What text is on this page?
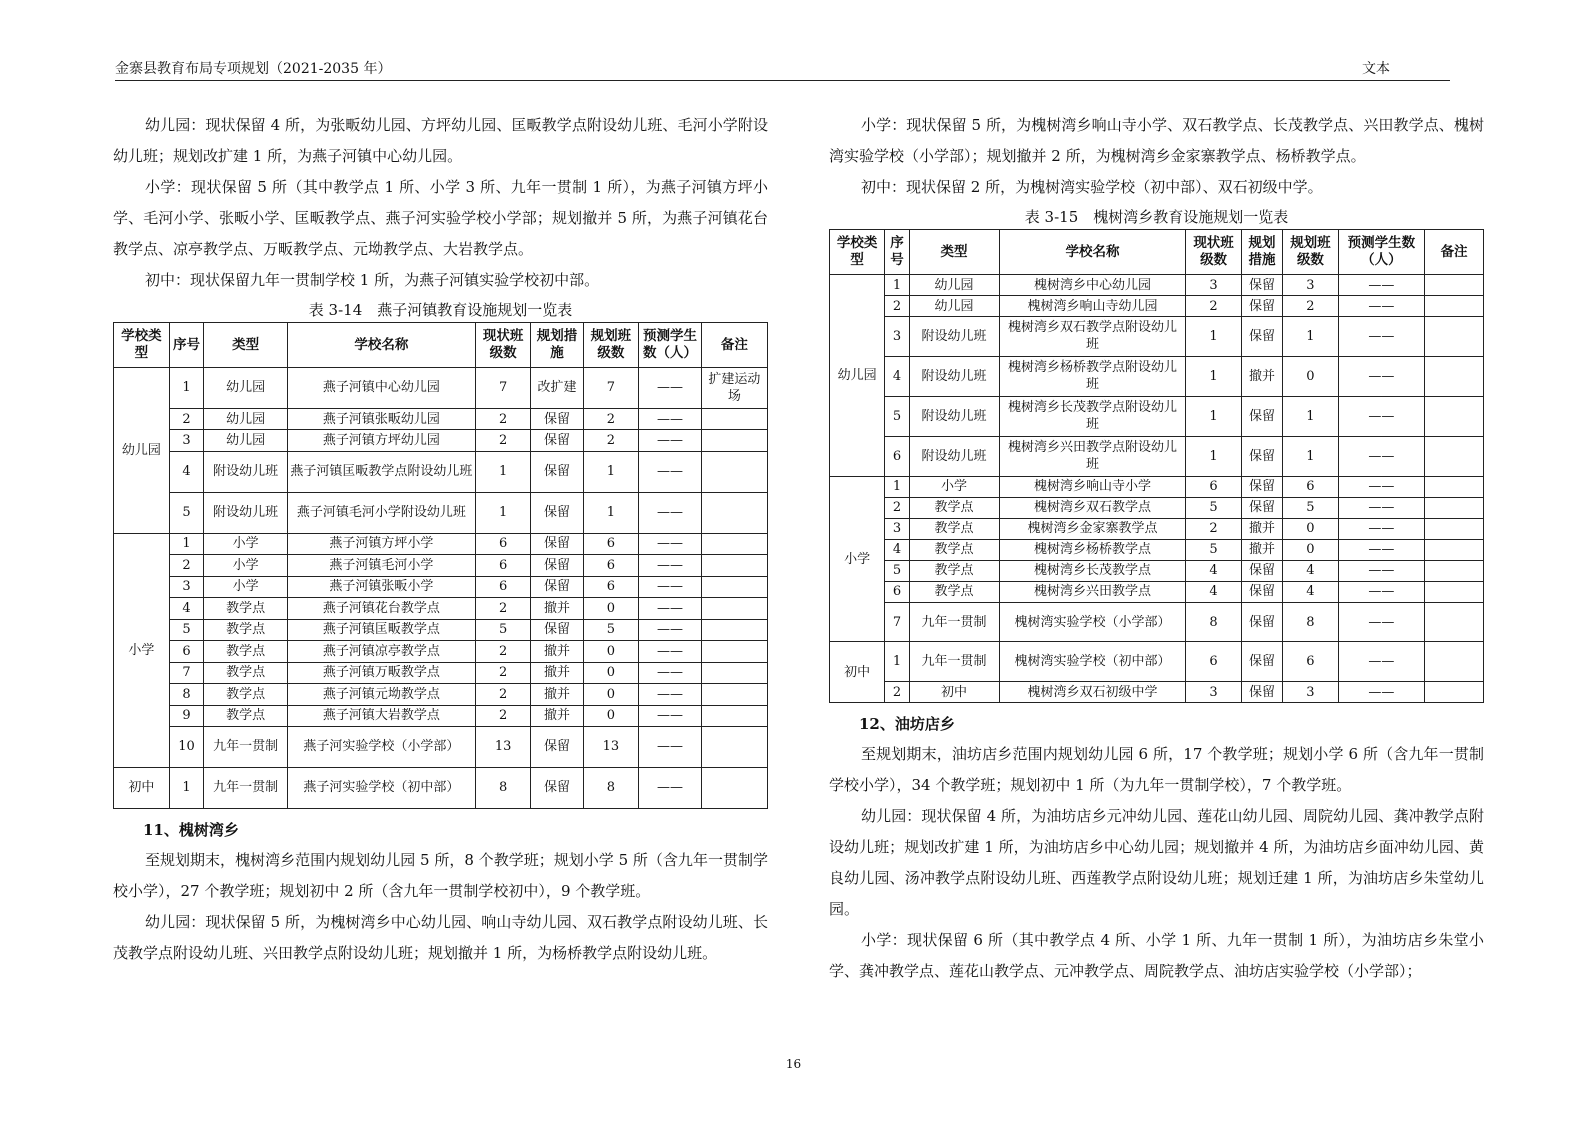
金寨县教育布局专项规划（2021-2035 年）	文本

幼儿园：现状保留 4 所，为张畈幼儿园、方坪幼儿园、匡畈教学点附设幼儿班、毛河小学附设幼儿班；规划改扩建 1 所，为燕子河镇中心幼儿园。

小学：现状保留 5 所（其中教学点 1 所、小学 3 所、九年一贯制 1 所），为燕子河镇方坪小学、毛河小学、张畈小学、匡畈教学点、燕子河实验学校小学部；规划撤并 5 所，为燕子河镇花台教学点、凉亭教学点、万畈教学点、元坳教学点、大岩教学点。

初中：现状保留九年一贯制学校 1 所，为燕子河镇实验学校初中部。

表 3-14　燕子河镇教育设施规划一览表
学校类型	序号	类型	学校名称	现状班级数	规划措施	规划班级数	预测学生数（人）	备注
幼儿园	1	幼儿园	燕子河镇中心幼儿园	7	改扩建	7	——	扩建运动场
	2	幼儿园	燕子河镇张畈幼儿园	2	保留	2	——	
	3	幼儿园	燕子河镇方坪幼儿园	2	保留	2	——	
	4	附设幼儿班	燕子河镇匡畈教学点附设幼儿班	1	保留	1	——	
	5	附设幼儿班	燕子河镇毛河小学附设幼儿班	1	保留	1	——	
小学	1	小学	燕子河镇方坪小学	6	保留	6	——	
	2	小学	燕子河镇毛河小学	6	保留	6	——	
	3	小学	燕子河镇张畈小学	6	保留	6	——	
	4	教学点	燕子河镇花台教学点	2	撤并	0	——	
	5	教学点	燕子河镇匡畈教学点	5	保留	5	——	
	6	教学点	燕子河镇凉亭教学点	2	撤并	0	——	
	7	教学点	燕子河镇万畈教学点	2	撤并	0	——	
	8	教学点	燕子河镇元坳教学点	2	撤并	0	——	
	9	教学点	燕子河镇大岩教学点	2	撤并	0	——	
	10	九年一贯制	燕子河实验学校（小学部）	13	保留	13	——	
初中	1	九年一贯制	燕子河实验学校（初中部）	8	保留	8	——	
11、槐树湾乡

至规划期末，槐树湾乡范围内规划幼儿园 5 所，8 个教学班；规划小学 5 所（含九年一贯制学校小学），27 个教学班；规划初中 2 所（含九年一贯制学校初中），9 个教学班。

幼儿园：现状保留 5 所，为槐树湾乡中心幼儿园、响山寺幼儿园、双石教学点附设幼儿班、长茂教学点附设幼儿班、兴田教学点附设幼儿班；规划撤并 1 所，为杨桥教学点附设幼儿班。

小学：现状保留 5 所，为槐树湾乡响山寺小学、双石教学点、长茂教学点、兴田教学点、槐树湾实验学校（小学部）；规划撤并 2 所，为槐树湾乡金家寨教学点、杨桥教学点。

初中：现状保留 2 所，为槐树湾实验学校（初中部）、双石初级中学。

表 3-15　槐树湾乡教育设施规划一览表
学校类型	序号	类型	学校名称	现状班级数	规划措施	规划班级数	预测学生数（人）	备注
幼儿园	1	幼儿园	槐树湾乡中心幼儿园	3	保留	3	——	
	2	幼儿园	槐树湾乡响山寺幼儿园	2	保留	2	——	
	3	附设幼儿班	槐树湾乡双石教学点附设幼儿班	1	保留	1	——	
	4	附设幼儿班	槐树湾乡杨桥教学点附设幼儿班	1	撤并	0	——	
	5	附设幼儿班	槐树湾乡长茂教学点附设幼儿班	1	保留	1	——	
	6	附设幼儿班	槐树湾乡兴田教学点附设幼儿班	1	保留	1	——	
小学	1	小学	槐树湾乡响山寺小学	6	保留	6	——	
	2	教学点	槐树湾乡双石教学点	5	保留	5	——	
	3	教学点	槐树湾乡金家寨教学点	2	撤并	0	——	
	4	教学点	槐树湾乡杨桥教学点	5	撤并	0	——	
	5	教学点	槐树湾乡长茂教学点	4	保留	4	——	
	6	教学点	槐树湾乡兴田教学点	4	保留	4	——	
	7	九年一贯制	槐树湾实验学校（小学部）	8	保留	8	——	
初中	1	九年一贯制	槐树湾实验学校（初中部）	6	保留	6	——	
	2	初中	槐树湾乡双石初级中学	3	保留	3	——	
12、油坊店乡

至规划期末，油坊店乡范围内规划幼儿园 6 所，17 个教学班；规划小学 6 所（含九年一贯制学校小学），34 个教学班；规划初中 1 所（为九年一贯制学校），7 个教学班。

幼儿园：现状保留 4 所，为油坊店乡元冲幼儿园、莲花山幼儿园、周院幼儿园、龚冲教学点附设幼儿班；规划改扩建 1 所，为油坊店乡中心幼儿园；规划撤并 4 所，为油坊店乡面冲幼儿园、黄良幼儿园、汤冲教学点附设幼儿班、西莲教学点附设幼儿班；规划迁建 1 所，为油坊店乡朱堂幼儿园。

小学：现状保留 6 所（其中教学点 4 所、小学 1 所、九年一贯制 1 所），为油坊店乡朱堂小学、龚冲教学点、莲花山教学点、元冲教学点、周院教学点、油坊店实验学校（小学部）；

16
